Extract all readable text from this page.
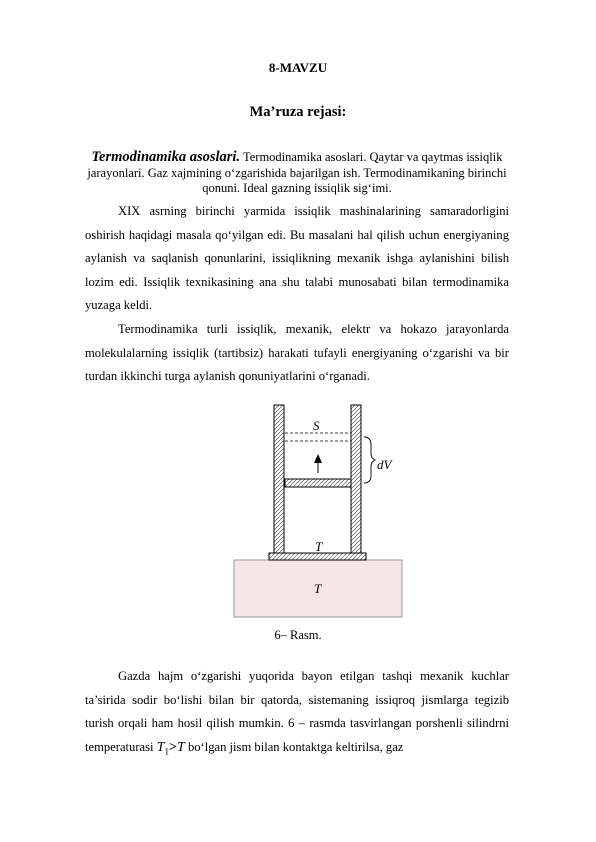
8-MAVZU
Ma’ruza rejasi:
Termodinamika asoslari. Termodinamika asoslari. Qaytar va qaytmas issiqlik jarayonlari. Gaz xajmining o‘zgarishida bajarilgan ish. Termodinamikaning birinchi qonuni. Ideal gazning issiqlik sig‘imi.
XIX asrning birinchi yarmida issiqlik mashinalarining samaradorligini oshirish haqidagi masala qo‘yilgan edi. Bu masalani hal qilish uchun energiyaning aylanish va saqlanish qonunlarini, issiqlikning mexanik ishga aylanishini bilish lozim edi. Issiqlik texnikasining ana shu talabi munosabati bilan termodinamika yuzaga keldi.
Termodinamika turli issiqlik, mexanik, elektr va hokazo jarayonlarda molekulalarning issiqlik (tartibsiz) harakati tufayli energiyaning o‘zgarishi va bir turdan ikkinchi turga aylanish qonuniyatlarini o‘rganadi.
S
dV
T
T
6– Rasm.
Gazda hajm o‘zgarishi yuqorida bayon etilgan tashqi mexanik kuchlar ta’sirida sodir bo‘lishi bilan bir qatorda, sistemaning issiqroq jismlarga tegizib turish orqali ham hosil qilish mumkin. 6 – rasmda tasvirlangan porshenli silindrni temperaturasi $T_1>T$ bo‘lgan jism bilan kontaktga keltirilsa, gaz
